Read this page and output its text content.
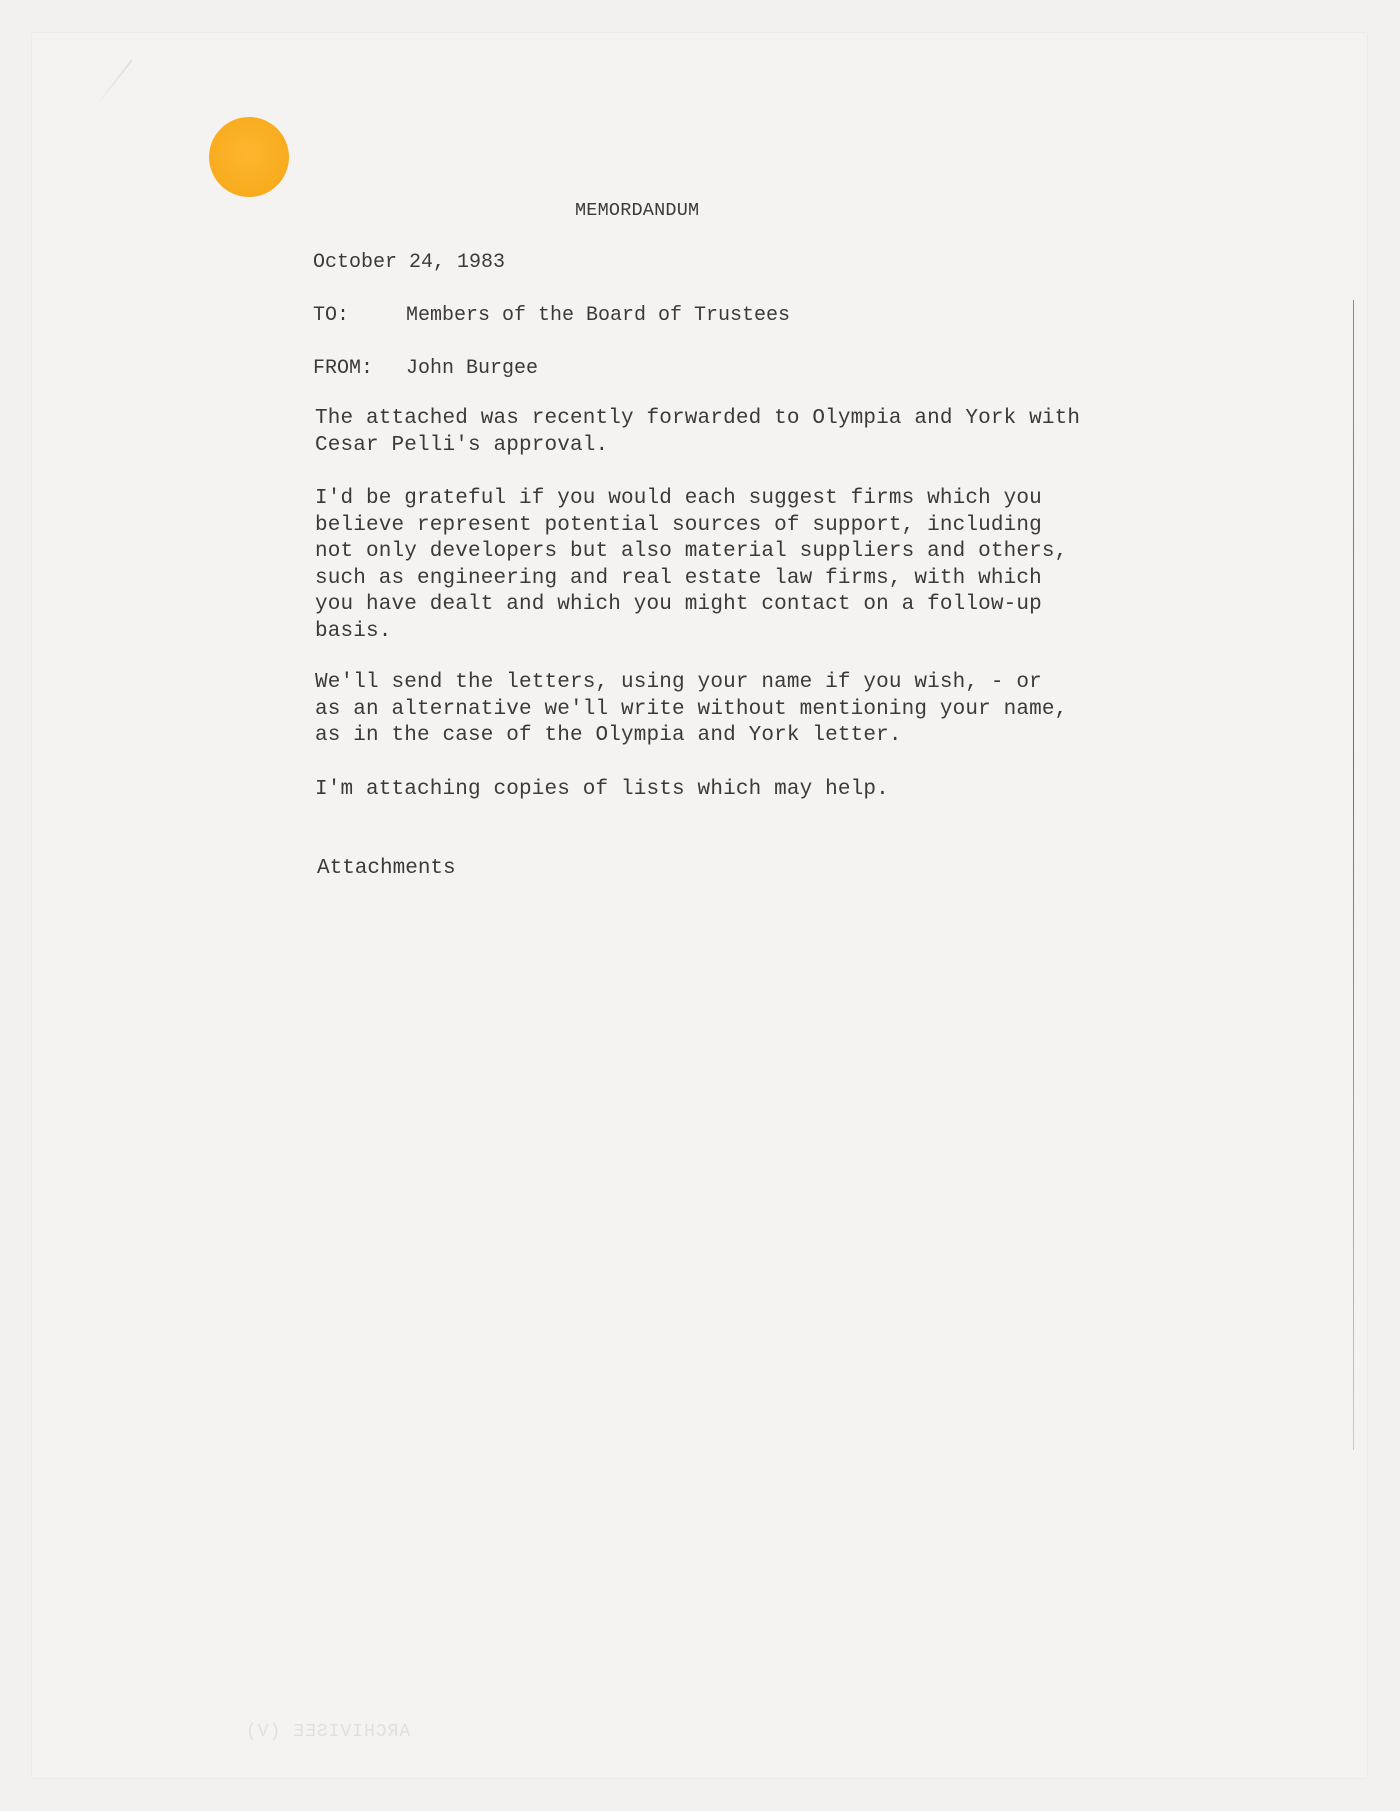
MEMORDANDUM
October 24, 1983
TO:	Members of the Board of Trustees
FROM: John Burgee
The attached was recently forwarded to Olympia and York with
Cesar Pelli's approval.
I'd be grateful if you would each suggest firms which you
believe represent potential sources of support, including
not only developers but also material suppliers and others,
such as engineering and real estate law firms, with which
you have dealt and which you might contact on a follow-up
basis.
We'll send the letters, using your name if you wish, - or
as an alternative we'll write without mentioning your name,
as in the case of the Olympia and York letter.
I'm attaching copies of lists which may help.
Attachments
ARCHIVISEE (V)
